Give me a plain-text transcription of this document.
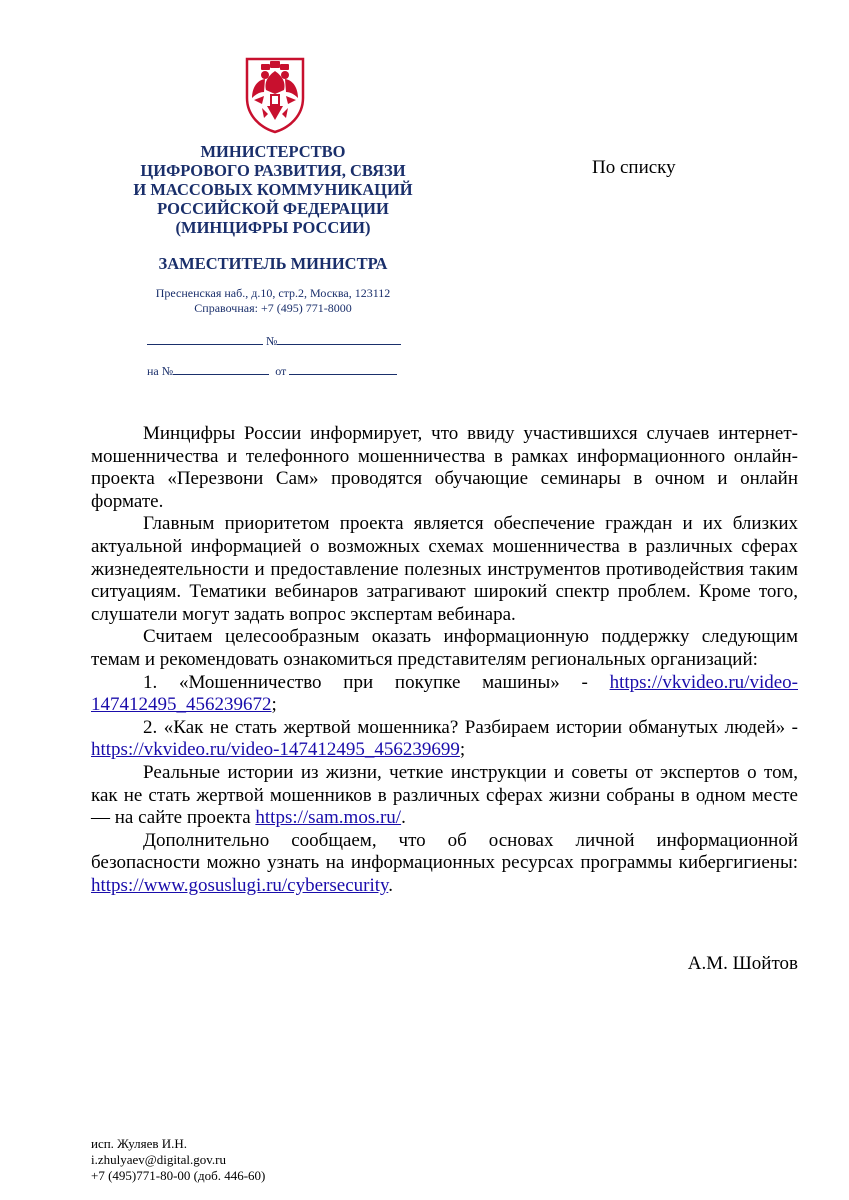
МИНИСТЕРСТВО
ЦИФРОВОГО РАЗВИТИЯ, СВЯЗИ
И МАССОВЫХ КОММУНИКАЦИЙ
РОССИЙСКОЙ ФЕДЕРАЦИИ
(МИНЦИФРЫ РОССИИ)
ЗАМЕСТИТЕЛЬ МИНИСТРА
Пресненская наб., д.10, стр.2, Москва, 123112
Справочная: +7 (495) 771-8000
№
на №	от
По списку

Минцифры России информирует, что ввиду участившихся случаев интернет-мошенничества и телефонного мошенничества в рамках информационного онлайн-проекта «Перезвони Сам» проводятся обучающие семинары в очном и онлайн формате.

Главным приоритетом проекта является обеспечение граждан и их близких актуальной информацией о возможных схемах мошенничества в различных сферах жизнедеятельности и предоставление полезных инструментов противодействия таким ситуациям. Тематики вебинаров затрагивают широкий спектр проблем. Кроме того, слушатели могут задать вопрос экспертам вебинара.

Считаем целесообразным оказать информационную поддержку следующим темам и рекомендовать ознакомиться представителям региональных организаций:

1. «Мошенничество при покупке машины» - https://vkvideo.ru/video-147412495_456239672;

2. «Как не стать жертвой мошенника? Разбираем истории обманутых людей» - https://vkvideo.ru/video-147412495_456239699;

Реальные истории из жизни, четкие инструкции и советы от экспертов о том, как не стать жертвой мошенников в различных сферах жизни собраны в одном месте — на сайте проекта https://sam.mos.ru/.

Дополнительно сообщаем, что об основах личной информационной безопасности можно узнать на информационных ресурсах программы кибергигиены: https://www.gosuslugi.ru/cybersecurity.

А.М. Шойтов
исп. Жуляев И.Н.
i.zhulyaev@digital.gov.ru
+7 (495)771-80-00 (доб. 446-60)
